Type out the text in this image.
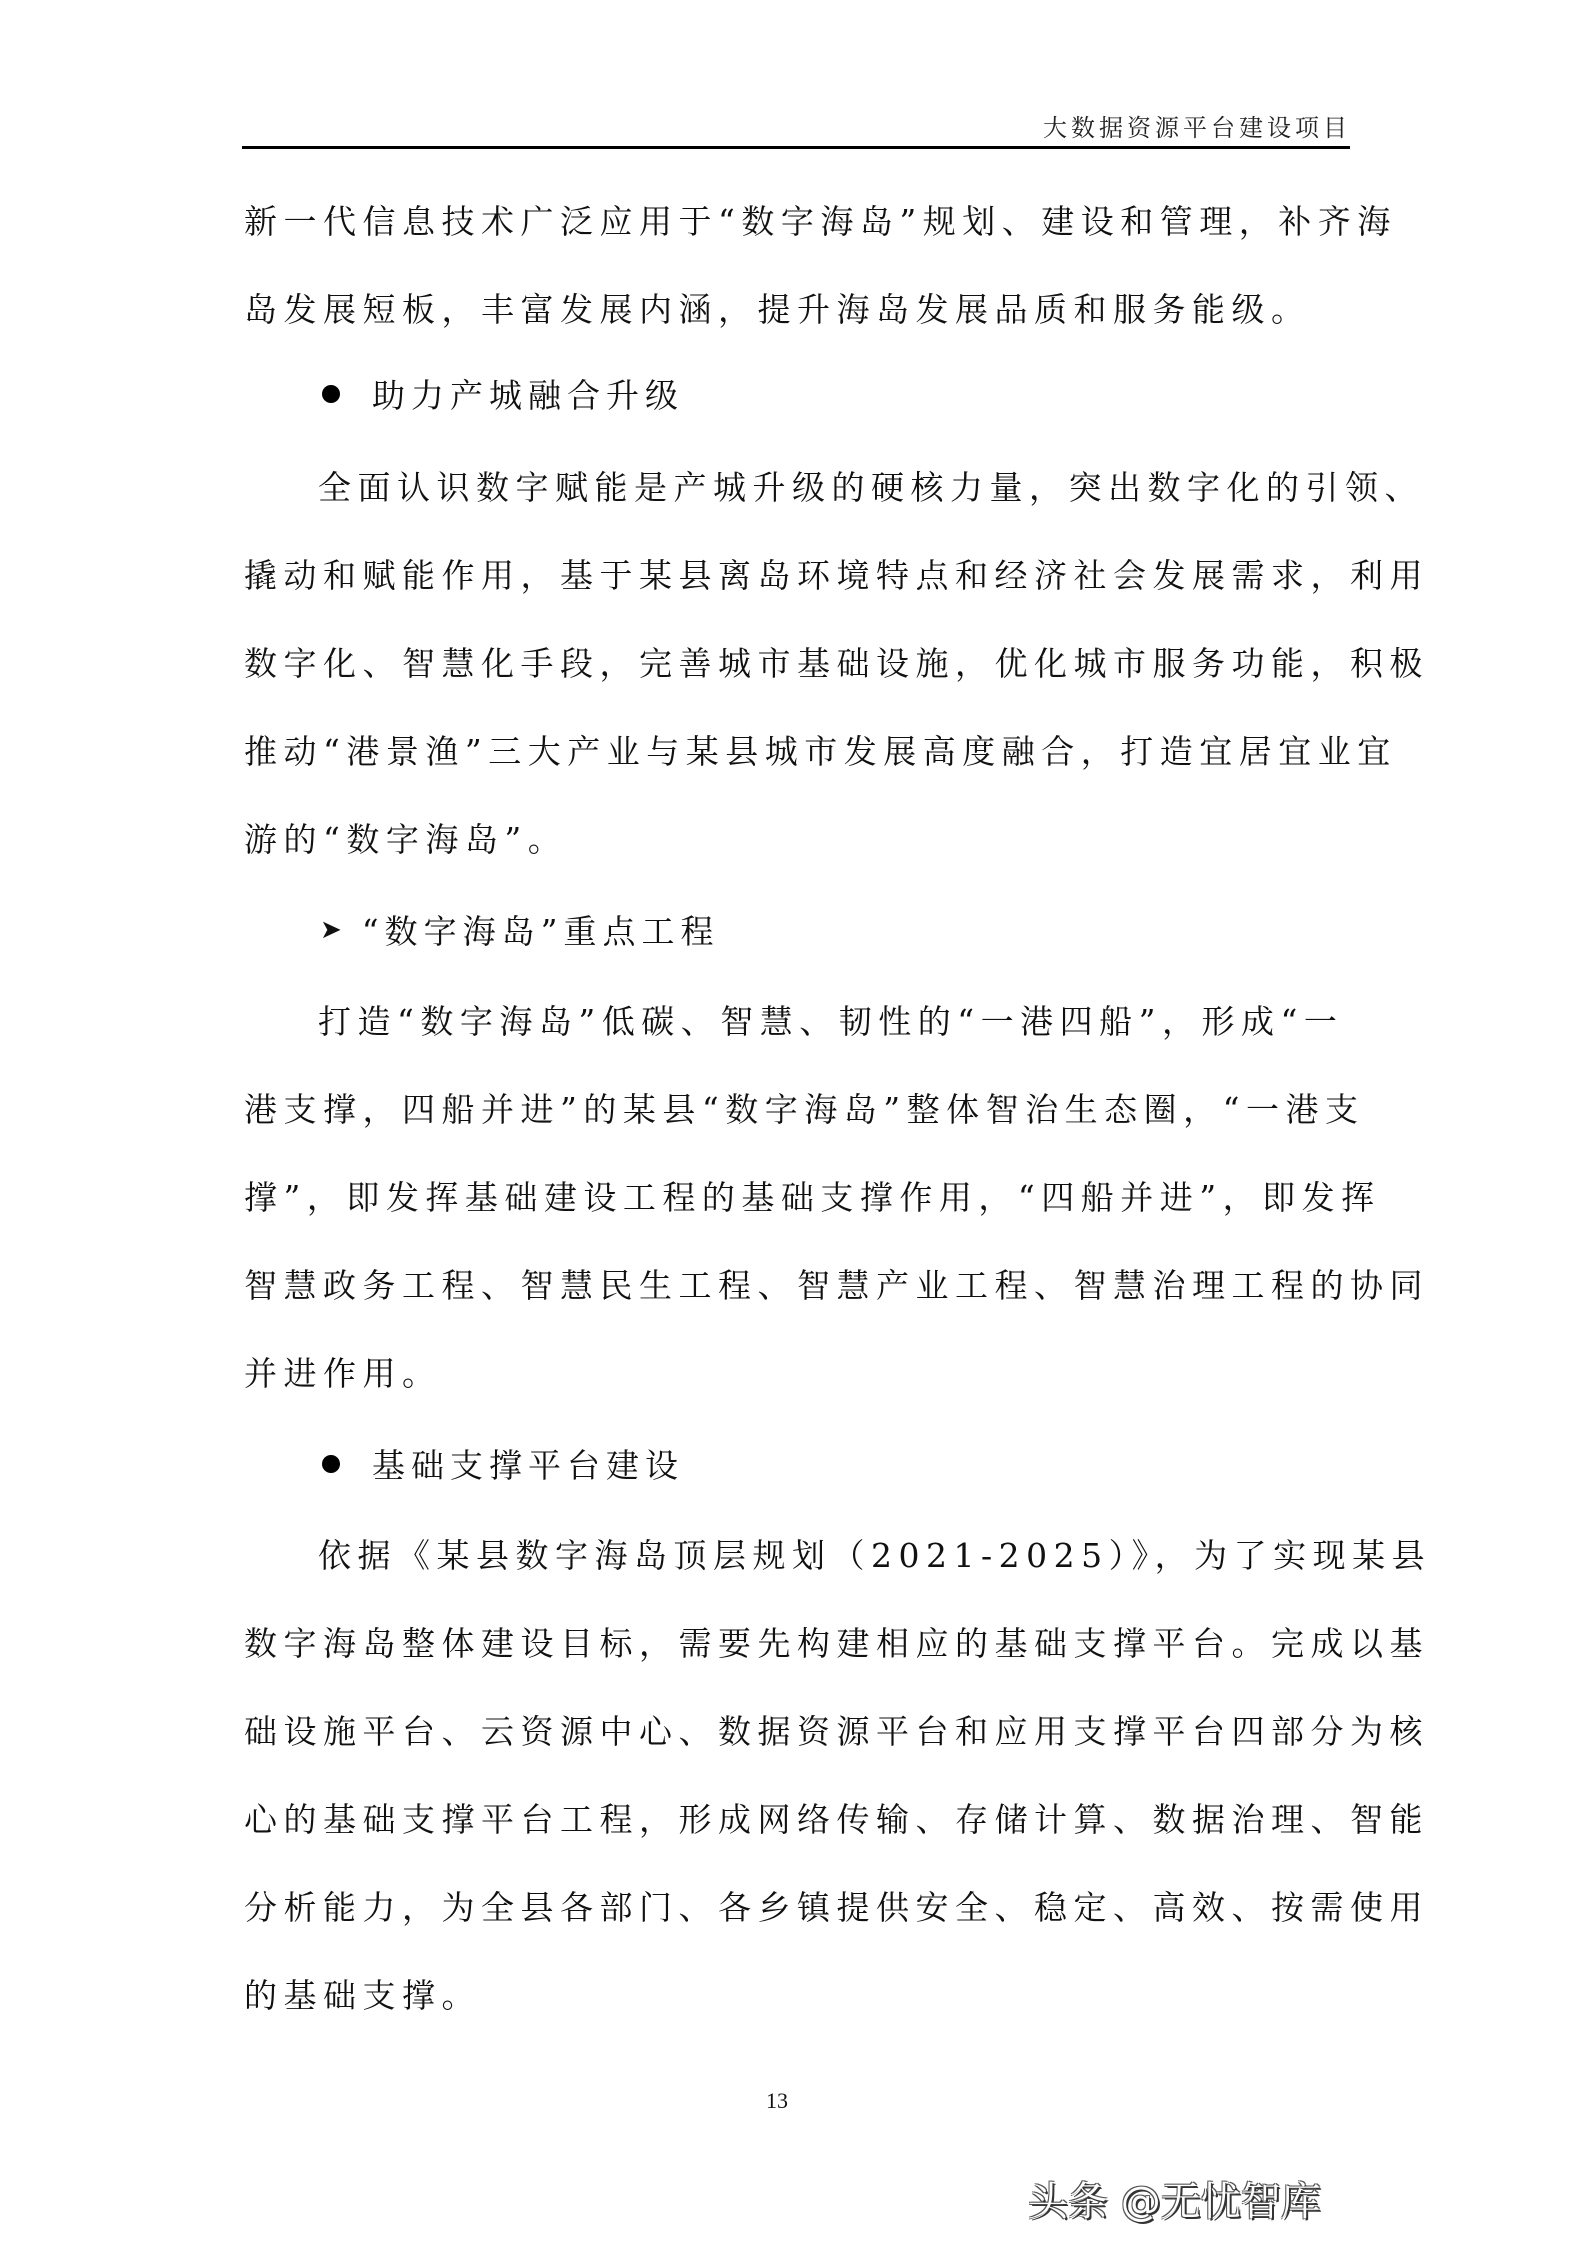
大数据资源平台建设项目
新一代信息技术广泛应用于“数字海岛”规划、建设和管理，补齐海
岛发展短板，丰富发展内涵，提升海岛发展品质和服务能级。
助力产城融合升级
全面认识数字赋能是产城升级的硬核力量，突出数字化的引领、
撬动和赋能作用，基于某县离岛环境特点和经济社会发展需求，利用
数字化、智慧化手段，完善城市基础设施，优化城市服务功能，积极
推动“港景渔”三大产业与某县城市发展高度融合，打造宜居宜业宜
游的“数字海岛”。
➤ “数字海岛”重点工程
打造“数字海岛”低碳、智慧、韧性的“一港四船”，形成“一
港支撑，四船并进”的某县“数字海岛”整体智治生态圈，“一港支
撑”，即发挥基础建设工程的基础支撑作用，“四船并进”，即发挥
智慧政务工程、智慧民生工程、智慧产业工程、智慧治理工程的协同
并进作用。
基础支撑平台建设
依据《某县数字海岛顶层规划（2021-2025）》，为了实现某县
数字海岛整体建设目标，需要先构建相应的基础支撑平台。完成以基
础设施平台、云资源中心、数据资源平台和应用支撑平台四部分为核
心的基础支撑平台工程，形成网络传输、存储计算、数据治理、智能
分析能力，为全县各部门、各乡镇提供安全、稳定、高效、按需使用
的基础支撑。
13
头条 @无忧智库
